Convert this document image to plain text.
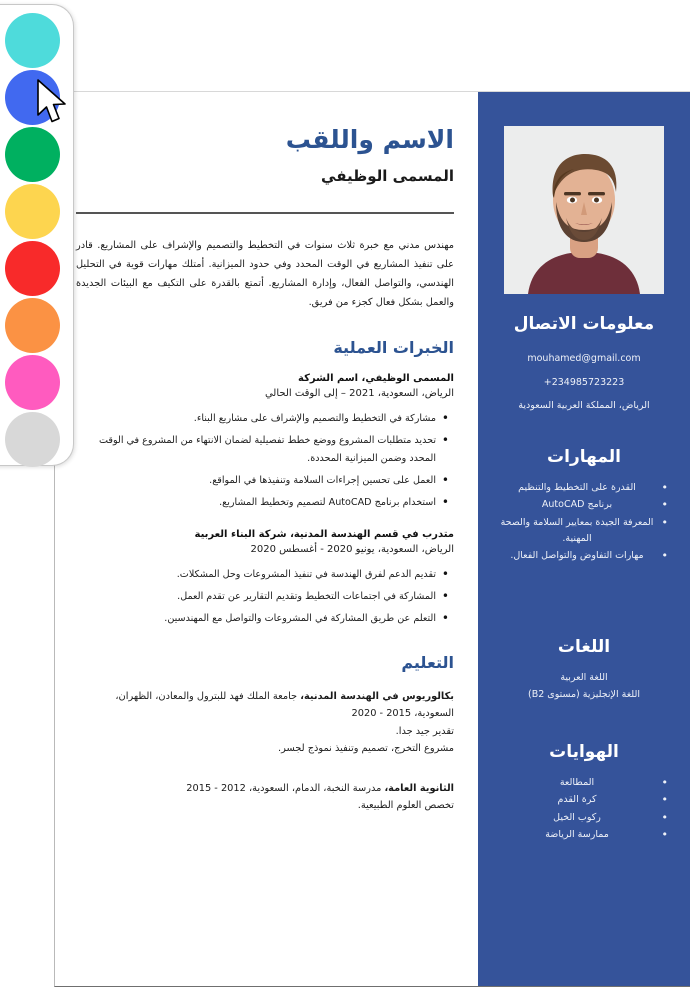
معلومات الاتصال
mouhamed@gmail.com
+234985723223
الرياض، المملكة العربية السعودية
المهارات
• القدرة على التخطيط والتنظيم
• برنامج AutoCAD
• المعرفة الجيدة بمعايير السلامة والصحة المهنية.
• مهارات التفاوض والتواصل الفعال.
اللغات
اللغة العربية
اللغة الإنجليزية (مستوى B2)
الهوايات
• المطالعة
• كرة القدم
• ركوب الخيل
• ممارسة الرياضة
الاسم واللقب
المسمى الوظيفي

مهندس مدني مع خبرة ثلاث سنوات في التخطيط والتصميم والإشراف على المشاريع. قادر على تنفيذ المشاريع في الوقت المحدد وفي حدود الميزانية. أمتلك مهارات قوية في التحليل الهندسي، والتواصل الفعال، وإدارة المشاريع. أتمتع بالقدرة على التكيف مع البيئات الجديدة والعمل بشكل فعال كجزء من فريق.

الخبرات العملية
المسمى الوظيفي، اسم الشركة
الرياض، السعودية، 2021 – إلى الوقت الحالي
• مشاركة في التخطيط والتصميم والإشراف على مشاريع البناء.
• تحديد متطلبات المشروع ووضع خطط تفصيلية لضمان الانتهاء من المشروع في الوقت المحدد وضمن الميزانية المحددة.
• العمل على تحسين إجراءات السلامة وتنفيذها في المواقع.
• استخدام برنامج AutoCAD لتصميم وتخطيط المشاريع.
متدرب في قسم الهندسة المدنية، شركة البناء العربية
الرياض، السعودية، يونيو 2020 - أغسطس 2020
• تقديم الدعم لفرق الهندسة في تنفيذ المشروعات وحل المشكلات.
• المشاركة في اجتماعات التخطيط وتقديم التقارير عن تقدم العمل.
• التعلم عن طريق المشاركة في المشروعات والتواصل مع المهندسين.
التعليم
بكالوريوس في الهندسة المدنية، جامعة الملك فهد للبترول والمعادن، الظهران، السعودية، 2015 - 2020
تقدير جيد جدا.
مشروع التخرج، تصميم وتنفيذ نموذج لجسر.
الثانوية العامة، مدرسة النخبة، الدمام، السعودية، 2012 - 2015
تخصص العلوم الطبيعية.
